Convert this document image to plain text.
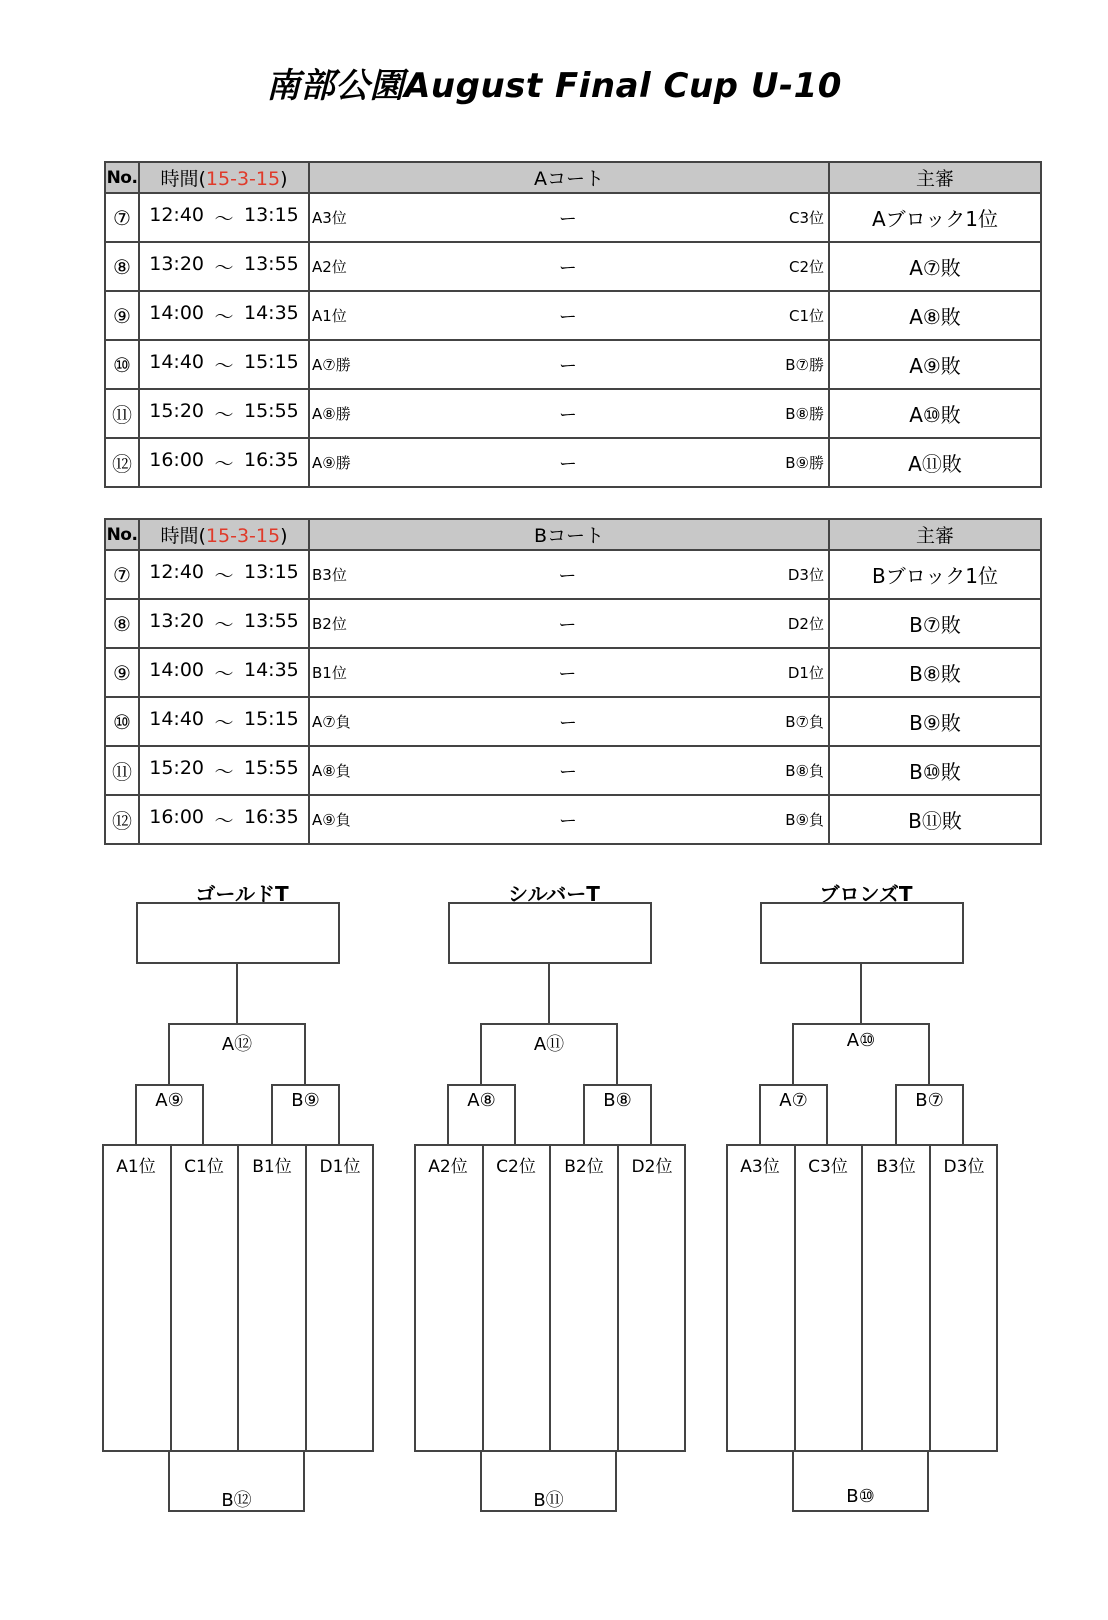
南部公園August Final Cup U-10
No.	時間(15-3-15)	Aコート	主審
⑦	12:40 ～ 13:15	A3位 ー C3位	Aブロック1位
⑧	13:20 ～ 13:55	A2位 ー C2位	A⑦敗
⑨	14:00 ～ 14:35	A1位 ー C1位	A⑧敗
⑩	14:40 ～ 15:15	A⑦勝 ー B⑦勝	A⑨敗
⑪	15:20 ～ 15:55	A⑧勝 ー B⑧勝	A⑩敗
⑫	16:00 ～ 16:35	A⑨勝 ー B⑨勝	A⑪敗
No.	時間(15-3-15)	Bコート	主審
⑦	12:40 ～ 13:15	B3位 ー D3位	Bブロック1位
⑧	13:20 ～ 13:55	B2位 ー D2位	B⑦敗
⑨	14:00 ～ 14:35	B1位 ー D1位	B⑧敗
⑩	14:40 ～ 15:15	A⑦負 ー B⑦負	B⑨敗
⑪	15:20 ～ 15:55	A⑧負 ー B⑧負	B⑩敗
⑫	16:00 ～ 16:35	A⑨負 ー B⑨負	B⑪敗
ゴールドT
A⑫
A⑨	B⑨
A1位	C1位	B1位	D1位
B⑫
シルバーT
A⑪
A⑧	B⑧
A2位	C2位	B2位	D2位
B⑪
ブロンズT
A⑩
A⑦	B⑦
A3位	C3位	B3位	D3位
B⑩
